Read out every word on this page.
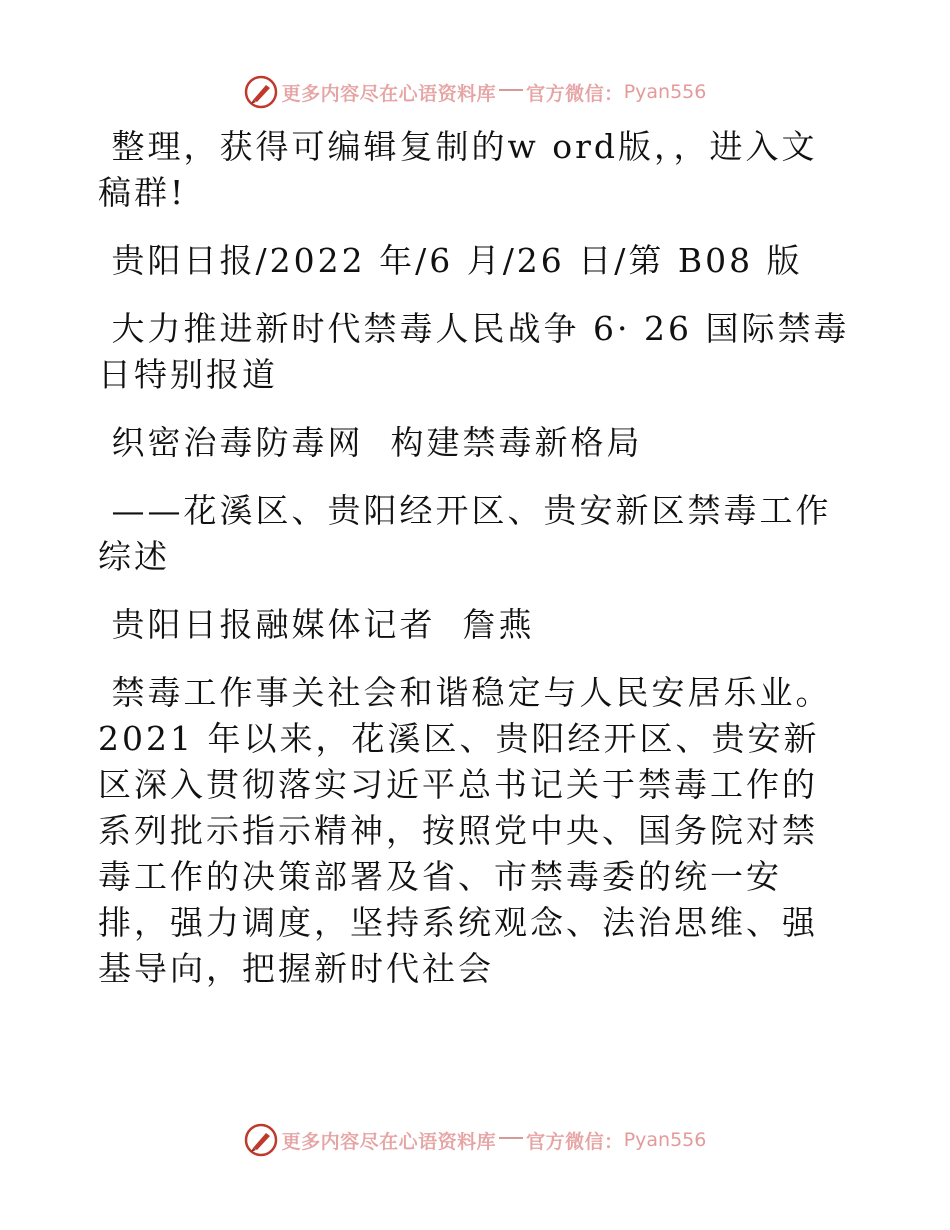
更多内容尽在心语资料库 官方微信： Pyan556

整理，获得可编辑复制的w ord版，，进入文稿群!

贵阳日报/2022 年/6 月/26 日/第 B08 版

大力推进新时代禁毒人民战争 6· 26 国际禁毒日特别报道

织密治毒防毒网  构建禁毒新格局

——花溪区、贵阳经开区、贵安新区禁毒工作综述

贵阳日报融媒体记者  詹燕

禁毒工作事关社会和谐稳定与人民安居乐业。

2021 年以来，花溪区、贵阳经开区、贵安新区深入贯彻落实习近平总书记关于禁毒工作的系列批示指示精神，按照党中央、国务院对禁毒工作的决策部署及省、市禁毒委的统一安排，强力调度，坚持系统观念、法治思维、强基导向，把握新时代社会

更多内容尽在心语资料库 官方微信： Pyan556
